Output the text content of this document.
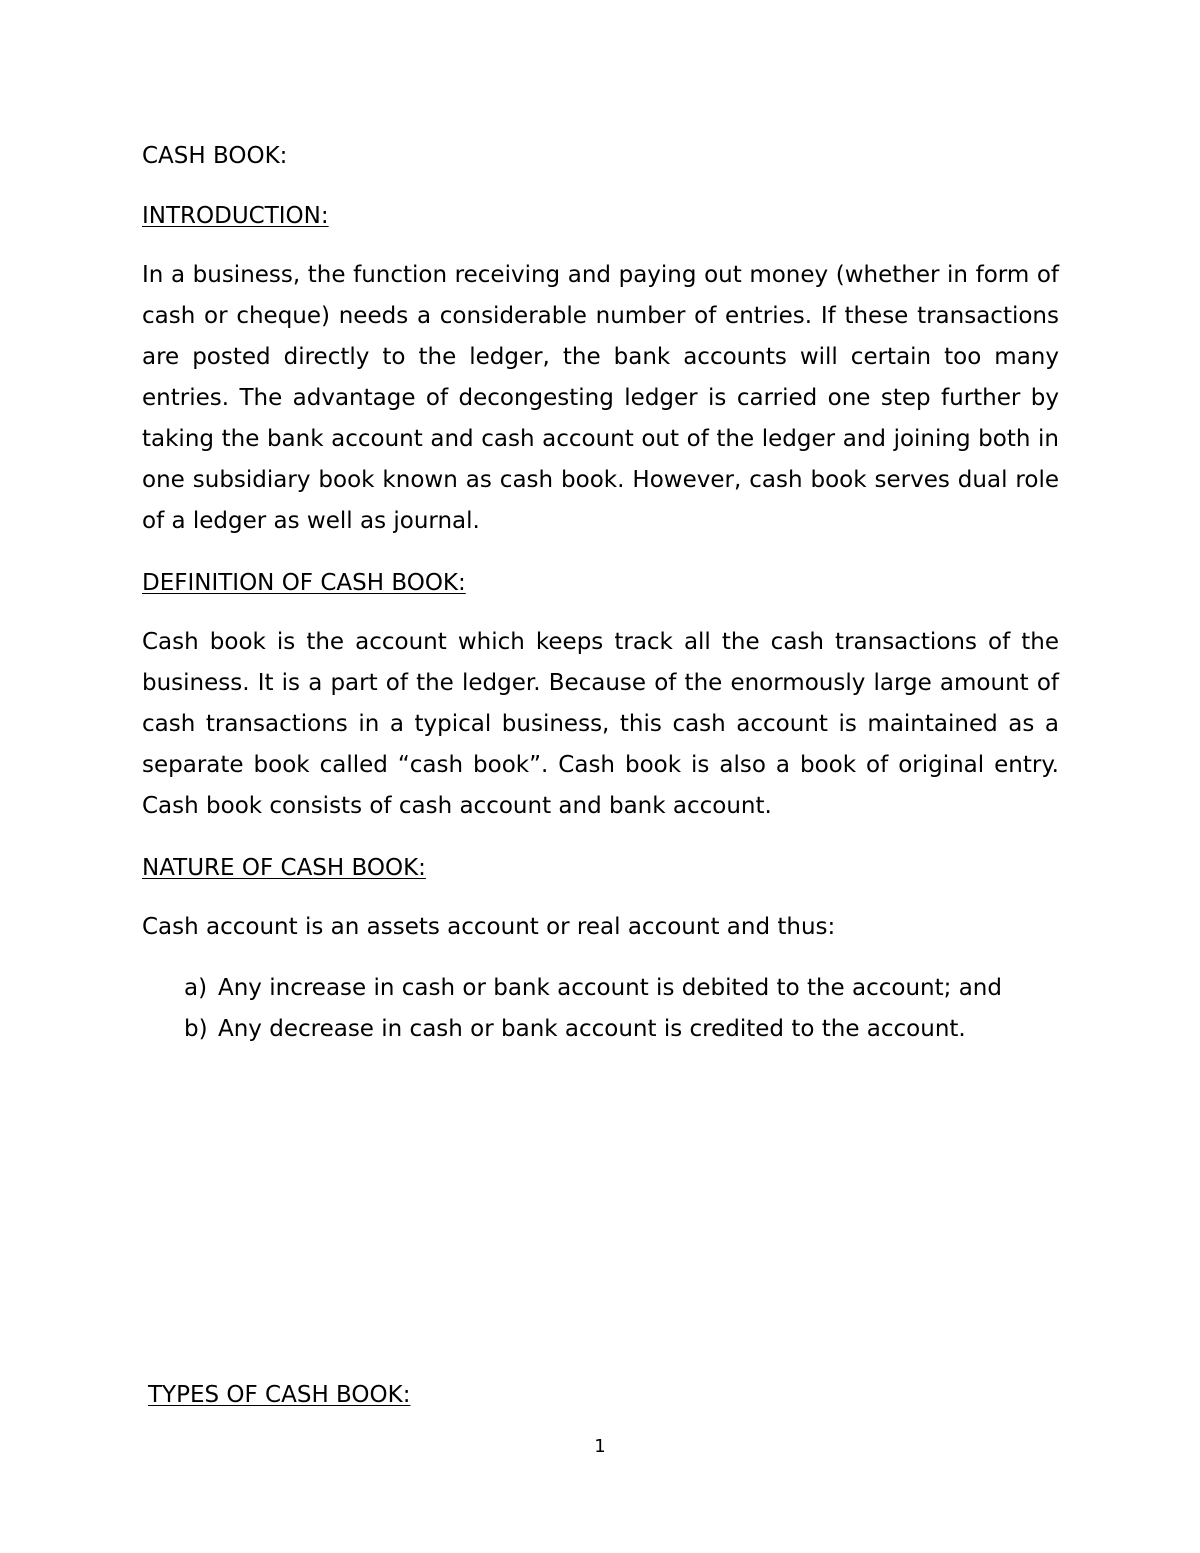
CASH BOOK:

INTRODUCTION:

In a business, the function receiving and paying out money (whether in form of cash or cheque) needs a considerable number of entries. If these transactions are posted directly to the ledger, the bank accounts will certain too many entries. The advantage of decongesting ledger is carried one step further by taking the bank account and cash account out of the ledger and joining both in one subsidiary book known as cash book. However, cash book serves dual role of a ledger as well as journal.

DEFINITION OF CASH BOOK:

Cash book is the account which keeps track all the cash transactions of the business. It is a part of the ledger. Because of the enormously large amount of cash transactions in a typical business, this cash account is maintained as a separate book called “cash book”. Cash book is also a book of original entry. Cash book consists of cash account and bank account.

NATURE OF CASH BOOK:

Cash account is an assets account or real account and thus:

a) Any increase in cash or bank account is debited to the account; and
b) Any decrease in cash or bank account is credited to the account.

TYPES OF CASH BOOK:

1
